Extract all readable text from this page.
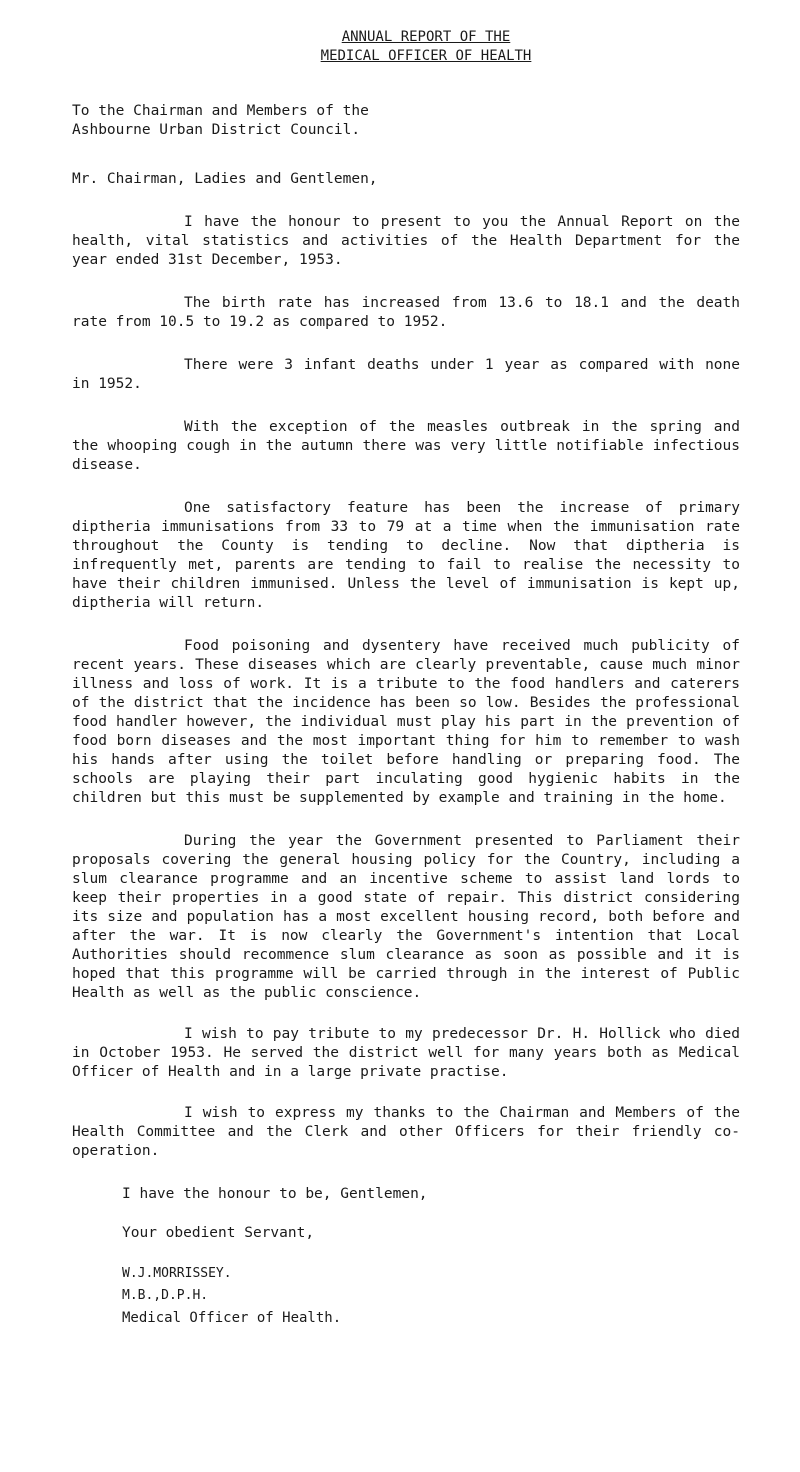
ANNUAL REPORT OF THE
MEDICAL OFFICER OF HEALTH
To the Chairman and Members of the Ashbourne Urban District Council.
Mr. Chairman, Ladies and Gentlemen,
I have the honour to present to you the Annual Report on the health, vital statistics and activities of the Health Department for the year ended 31st December, 1953.
The birth rate has increased from 13.6 to 18.1 and the death rate from 10.5 to 19.2 as compared to 1952.
There were 3 infant deaths under 1 year as compared with none in 1952.
With the exception of the measles outbreak in the spring and the whooping cough in the autumn there was very little notifiable infectious disease.
One satisfactory feature has been the increase of primary diptheria immunisations from 33 to 79 at a time when the immunisation rate throughout the County is tending to decline. Now that diptheria is infrequently met, parents are tending to fail to realise the necessity to have their children immunised. Unless the level of immunisation is kept up, diptheria will return.
Food poisoning and dysentery have received much publicity of recent years. These diseases which are clearly preventable, cause much minor illness and loss of work. It is a tribute to the food handlers and caterers of the district that the incidence has been so low. Besides the professional food handler however, the individual must play his part in the prevention of food born diseases and the most important thing for him to remember to wash his hands after using the toilet before handling or preparing food. The schools are playing their part inculating good hygienic habits in the children but this must be supplemented by example and training in the home.
During the year the Government presented to Parliament their proposals covering the general housing policy for the Country, including a slum clearance programme and an incentive scheme to assist land lords to keep their properties in a good state of repair. This district considering its size and population has a most excellent housing record, both before and after the war. It is now clearly the Government's intention that Local Authorities should recommence slum clearance as soon as possible and it is hoped that this programme will be carried through in the interest of Public Health as well as the public conscience.
I wish to pay tribute to my predecessor Dr. H. Hollick who died in October 1953. He served the district well for many years both as Medical Officer of Health and in a large private practise.
I wish to express my thanks to the Chairman and Members of the Health Committee and the Clerk and other Officers for their friendly co-operation.
I have the honour to be, Gentlemen,
Your obedient Servant,
W.J.MORRISSEY.
M.B.,D.P.H.
Medical Officer of Health.
